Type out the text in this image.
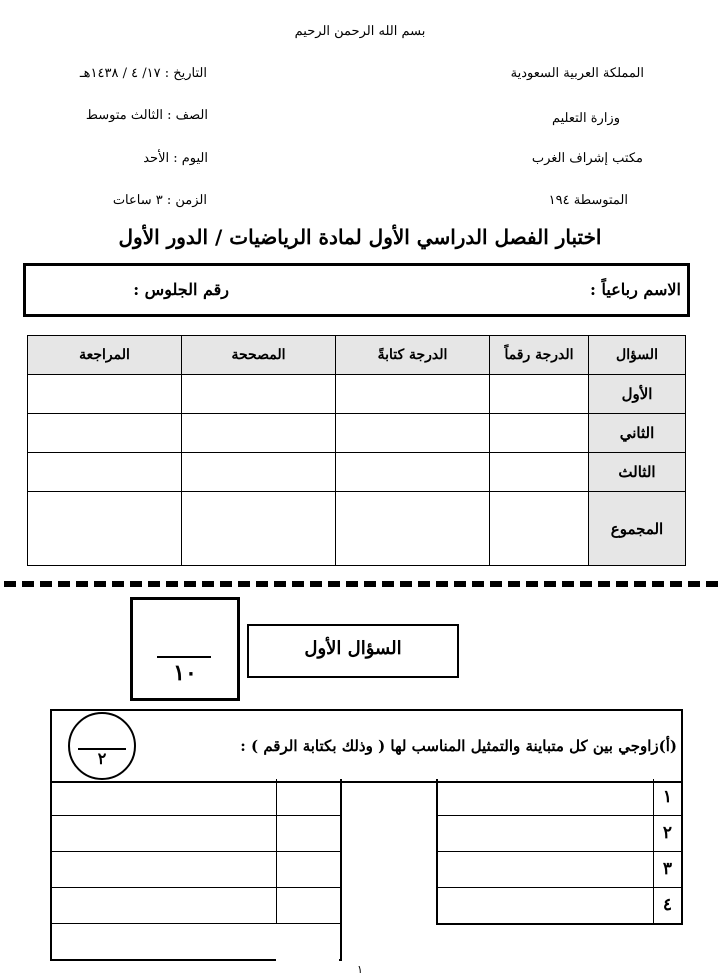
بسم الله الرحمن الرحيم
المملكة العربية السعودية
وزارة التعليم
مكتب إشراف الغرب
المتوسطة ١٩٤
التاريخ : ١٧/ ٤ / ١٤٣٨هـ
الصف : الثالث متوسط
اليوم : الأحد
الزمن : ٣ ساعات
اختبار الفصل الدراسي الأول لمادة الرياضيات / الدور الأول
الاسم رباعياً :
رقم الجلوس :
السؤال	الدرجة رقماً	الدرجة كتابةً	المصححة	المراجعة
الأول				
الثاني				
الثالث				
المجموع				
١٠
السؤال الأول
(أ)زاوجي بين كل متباينة والتمثيل المناسب لها ( وذلك بكتابة الرقم ) :
٢
١
٢
٣
٤
١
